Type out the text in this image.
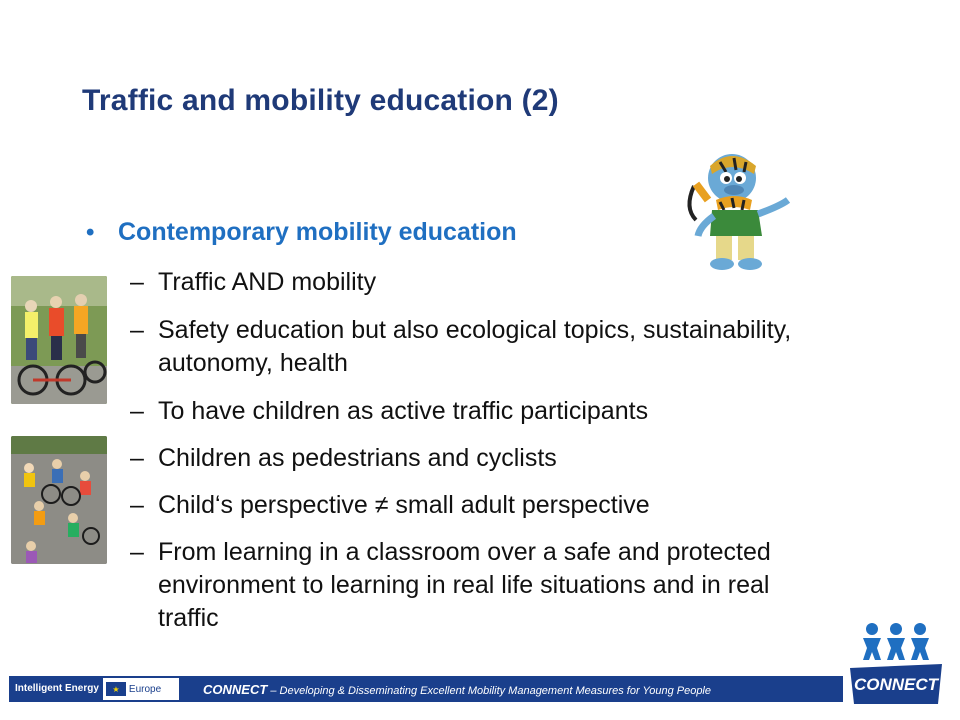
Traffic and mobility education (2)
• Contemporary mobility education
– Traffic AND mobility
– Safety education but also ecological topics, sustainability, autonomy, health
– To have children as active traffic participants
– Children as pedestrians and cyclists
– Child‘s perspective ≠ small adult perspective
– From learning in a classroom over a safe and protected environment to learning in real life situations and in real traffic
CONNECT
Intelligent Energy	★ Europe	CONNECT – Developing & Disseminating Excellent Mobility Management Measures for Young People
